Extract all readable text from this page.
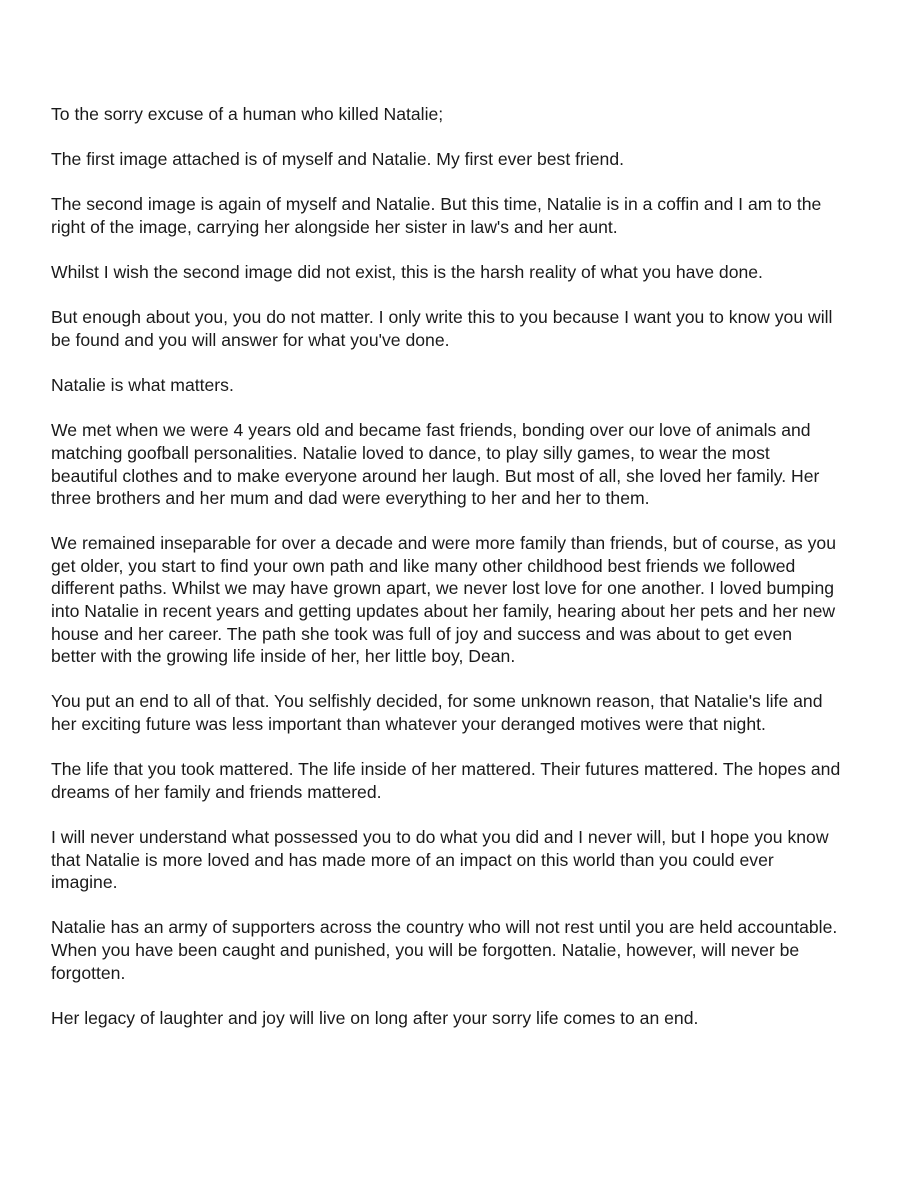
To the sorry excuse of a human who killed Natalie;

The first image attached is of myself and Natalie. My first ever best friend.

The second image is again of myself and Natalie. But this time, Natalie is in a coffin and I am to the right of the image, carrying her alongside her sister in law's and her aunt.

Whilst I wish the second image did not exist, this is the harsh reality of what you have done.

But enough about you, you do not matter. I only write this to you because I want you to know you will be found and you will answer for what you've done.

Natalie is what matters.

We met when we were 4 years old and became fast friends, bonding over our love of animals and matching goofball personalities. Natalie loved to dance, to play silly games, to wear the most beautiful clothes and to make everyone around her laugh. But most of all, she loved her family. Her three brothers and her mum and dad were everything to her and her to them.

We remained inseparable for over a decade and were more family than friends, but of course, as you get older, you start to find your own path and like many other childhood best friends we followed different paths. Whilst we may have grown apart, we never lost love for one another. I loved bumping into Natalie in recent years and getting updates about her family, hearing about her pets and her new house and her career. The path she took was full of joy and success and was about to get even better with the growing life inside of her, her little boy, Dean.

You put an end to all of that. You selfishly decided, for some unknown reason, that Natalie's life and her exciting future was less important than whatever your deranged motives were that night.

The life that you took mattered. The life inside of her mattered. Their futures mattered. The hopes and dreams of her family and friends mattered.

I will never understand what possessed you to do what you did and I never will, but I hope you know that Natalie is more loved and has made more of an impact on this world than you could ever imagine.

Natalie has an army of supporters across the country who will not rest until you are held accountable. When you have been caught and punished, you will be forgotten. Natalie, however, will never be forgotten.

Her legacy of laughter and joy will live on long after your sorry life comes to an end.
